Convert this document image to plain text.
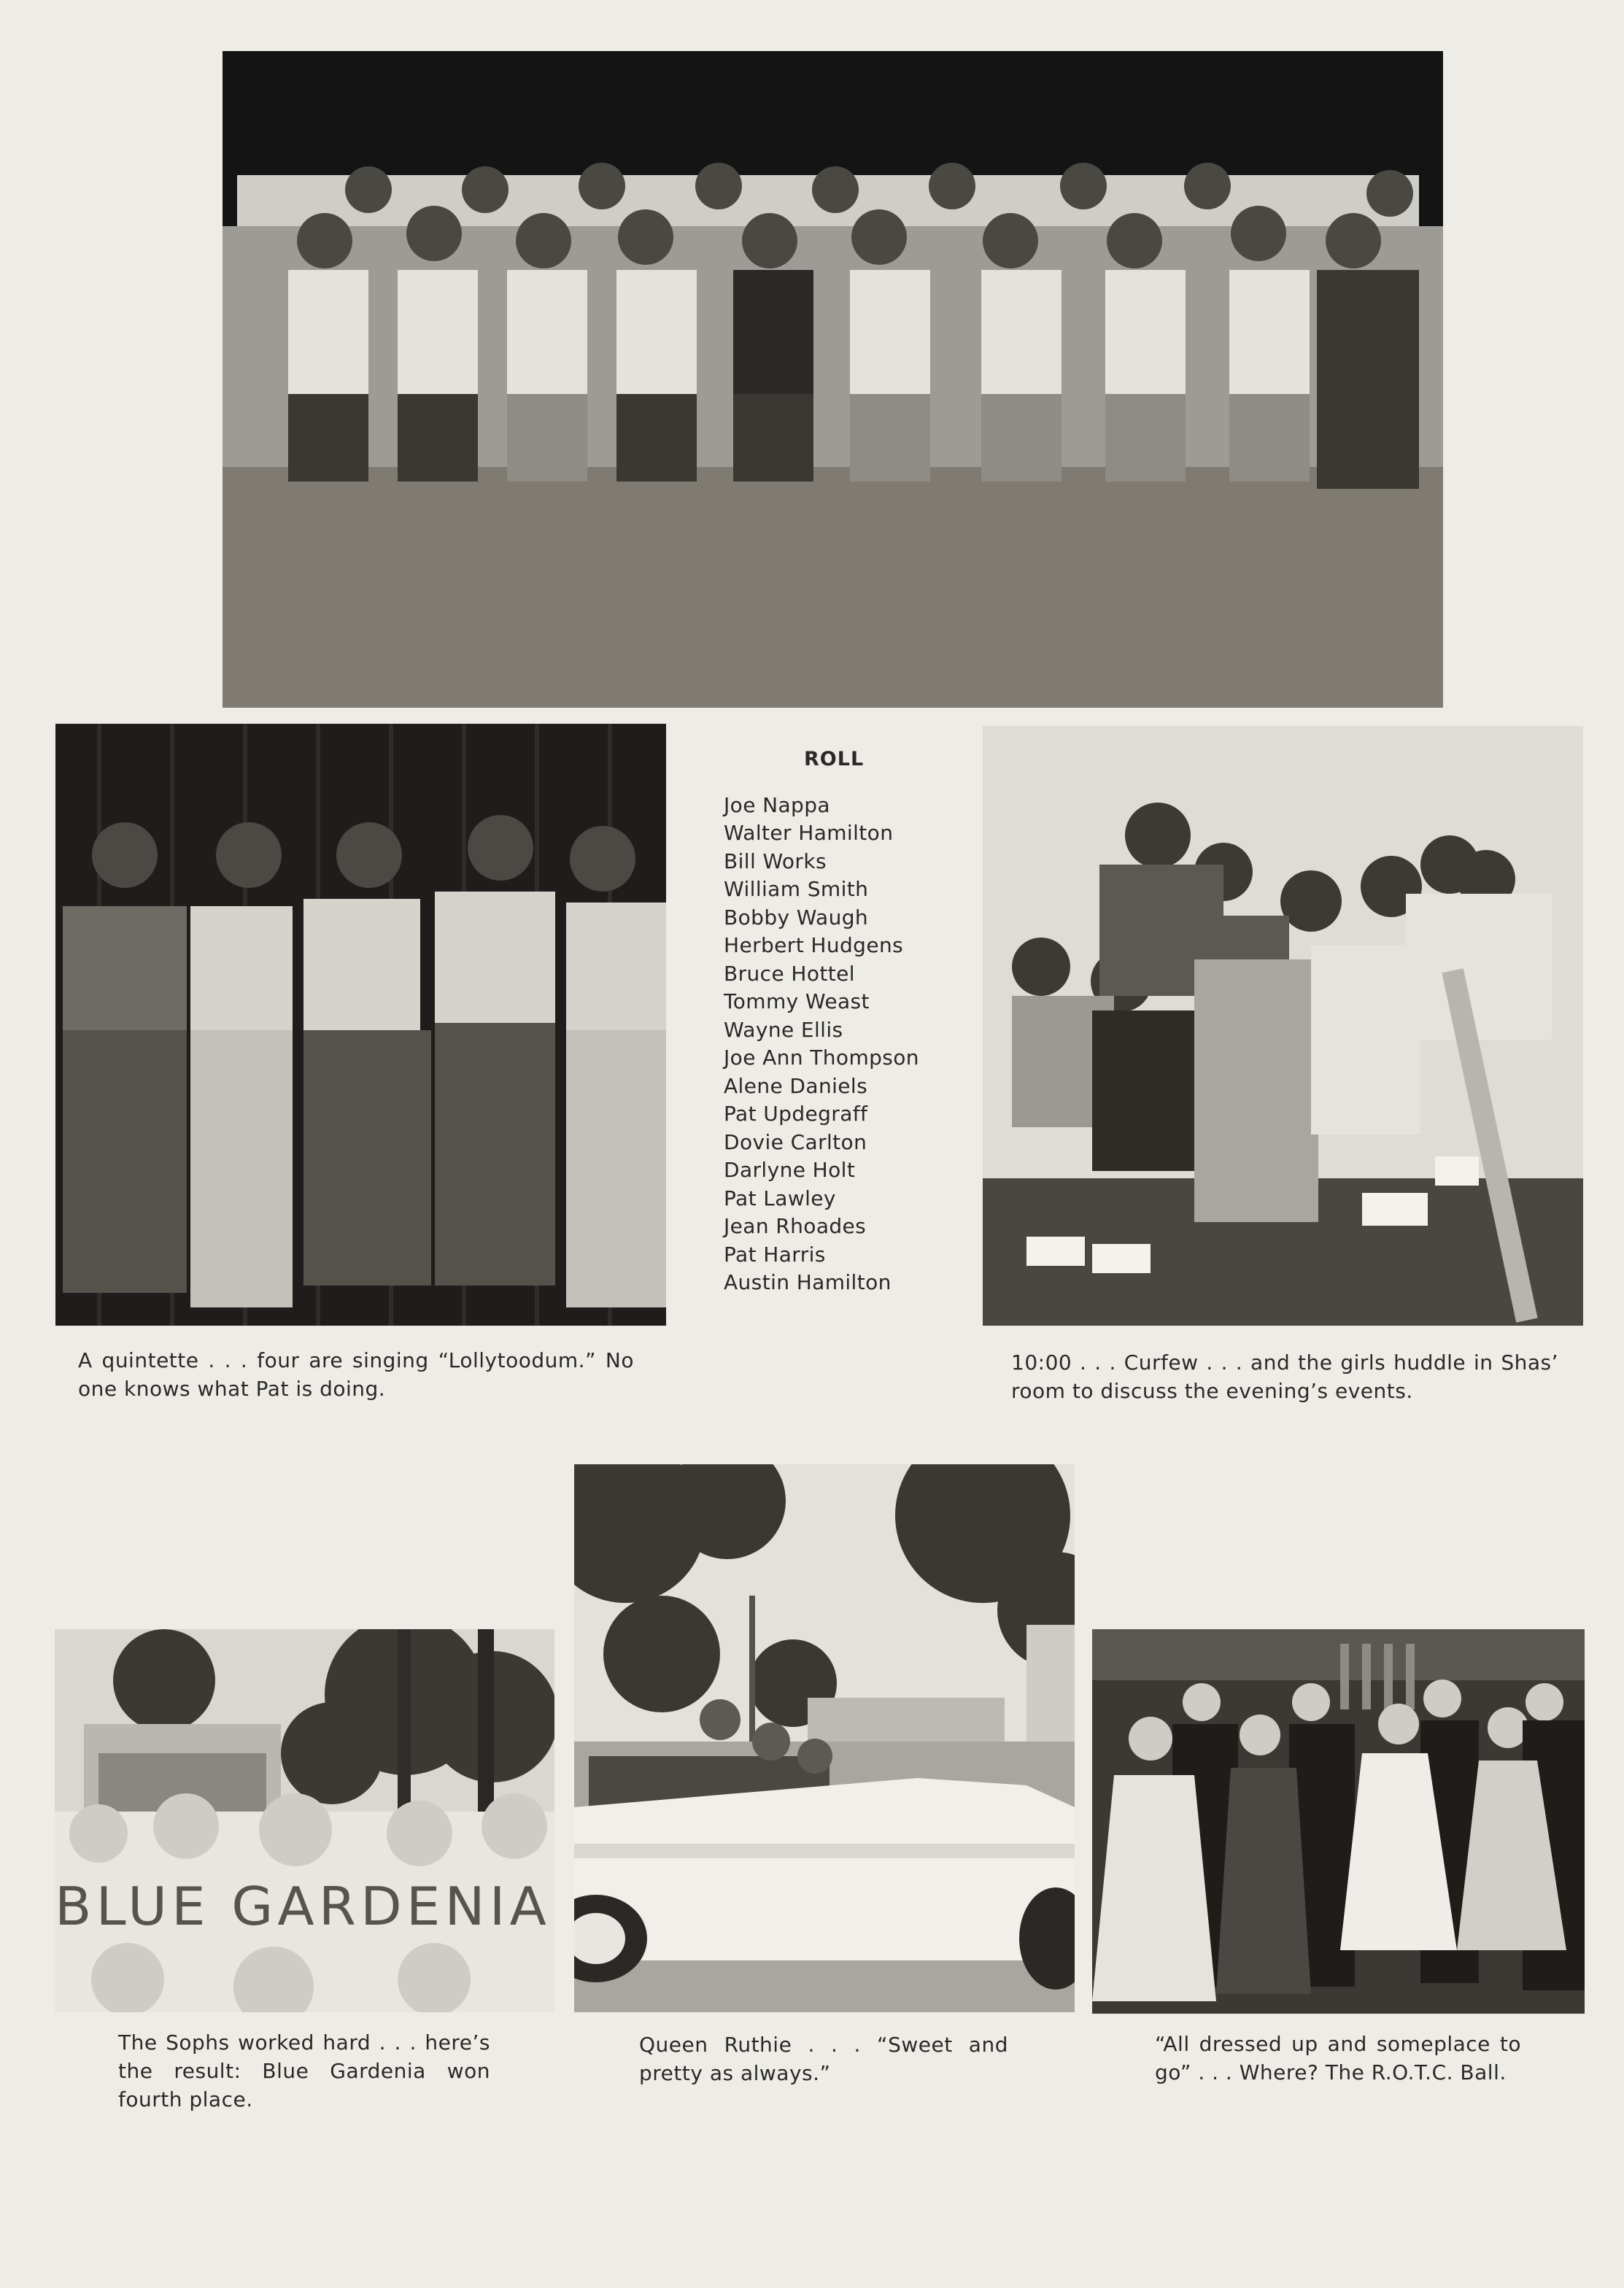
ROLL
Joe Nappa
Walter Hamilton
Bill Works
William Smith
Bobby Waugh
Herbert Hudgens
Bruce Hottel
Tommy Weast
Wayne Ellis
Joe Ann Thompson
Alene Daniels
Pat Updegraff
Dovie Carlton
Darlyne Holt
Pat Lawley
Jean Rhoades
Pat Harris
Austin Hamilton
A quintette . . . four are singing “Lollytoodum.” No one knows what Pat is doing.
10:00 . . . Curfew . . . and the girls huddle in Shas’ room to discuss the evening’s events.
BLUE GARDENIA
The Sophs worked hard . . . here’s the result: Blue Gardenia won fourth place.
Queen Ruthie . . . “Sweet and pretty as always.”
“All dressed up and someplace to go” . . . Where? The R.O.T.C. Ball.
